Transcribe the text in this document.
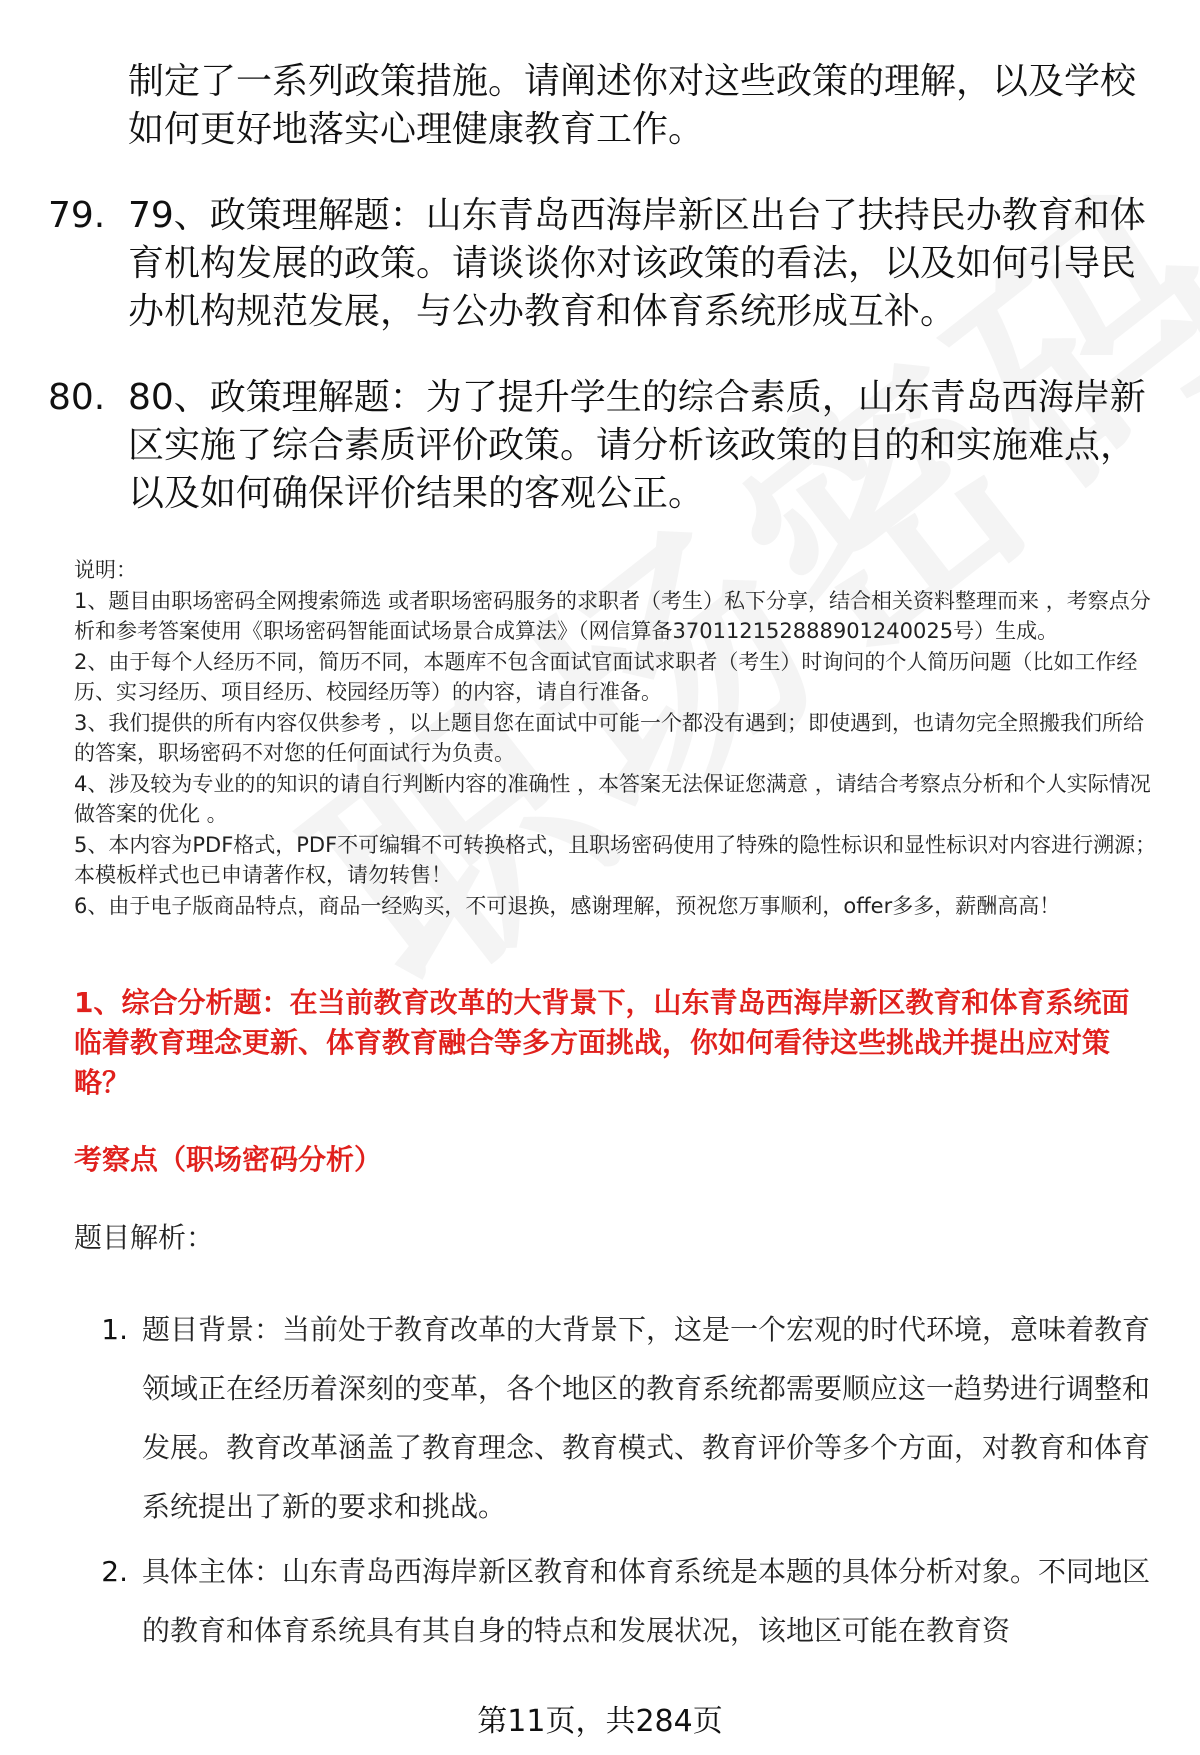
制定了一系列政策措施。请阐述你对这些政策的理解，以及学校如何更好地落实心理健康教育工作。
79. 79、政策理解题：山东青岛西海岸新区出台了扶持民办教育和体育机构发展的政策。请谈谈你对该政策的看法，以及如何引导民办机构规范发展，与公办教育和体育系统形成互补。
80. 80、政策理解题：为了提升学生的综合素质，山东青岛西海岸新区实施了综合素质评价政策。请分析该政策的目的和实施难点，以及如何确保评价结果的客观公正。

说明：

1、题目由职场密码全网搜索筛选 或者职场密码服务的求职者（考生）私下分享，结合相关资料整理而来 ，考察点分析和参考答案使用《职场密码智能面试场景合成算法》（网信算备370112152888901240025号）生成。

2、由于每个人经历不同，简历不同，本题库不包含面试官面试求职者（考生）时询问的个人简历问题（比如工作经历、实习经历、项目经历、校园经历等）的内容，请自行准备。

3、我们提供的所有内容仅供参考 ，以上题目您在面试中可能一个都没有遇到；即使遇到，也请勿完全照搬我们所给的答案，职场密码不对您的任何面试行为负责。

4、涉及较为专业的的知识的请自行判断内容的准确性 ，本答案无法保证您满意 ，请结合考察点分析和个人实际情况做答案的优化 。

5、本内容为PDF格式，PDF不可编辑不可转换格式，且职场密码使用了特殊的隐性标识和显性标识对内容进行溯源；本模板样式也已申请著作权，请勿转售！

6、由于电子版商品特点，商品一经购买，不可退换，感谢理解，预祝您万事顺利，offer多多，薪酬高高！

1、综合分析题：在当前教育改革的大背景下，山东青岛西海岸新区教育和体育系统面临着教育理念更新、体育教育融合等多方面挑战，你如何看待这些挑战并提出应对策略？
考察点（职场密码分析）
题目解析：
1. 题目背景：当前处于教育改革的大背景下，这是一个宏观的时代环境，意味着教育领域正在经历着深刻的变革，各个地区的教育系统都需要顺应这一趋势进行调整和发展。教育改革涵盖了教育理念、教育模式、教育评价等多个方面，对教育和体育系统提出了新的要求和挑战。
2. 具体主体：山东青岛西海岸新区教育和体育系统是本题的具体分析对象。不同地区的教育和体育系统具有其自身的特点和发展状况，该地区可能在教育资
第11页，共284页
